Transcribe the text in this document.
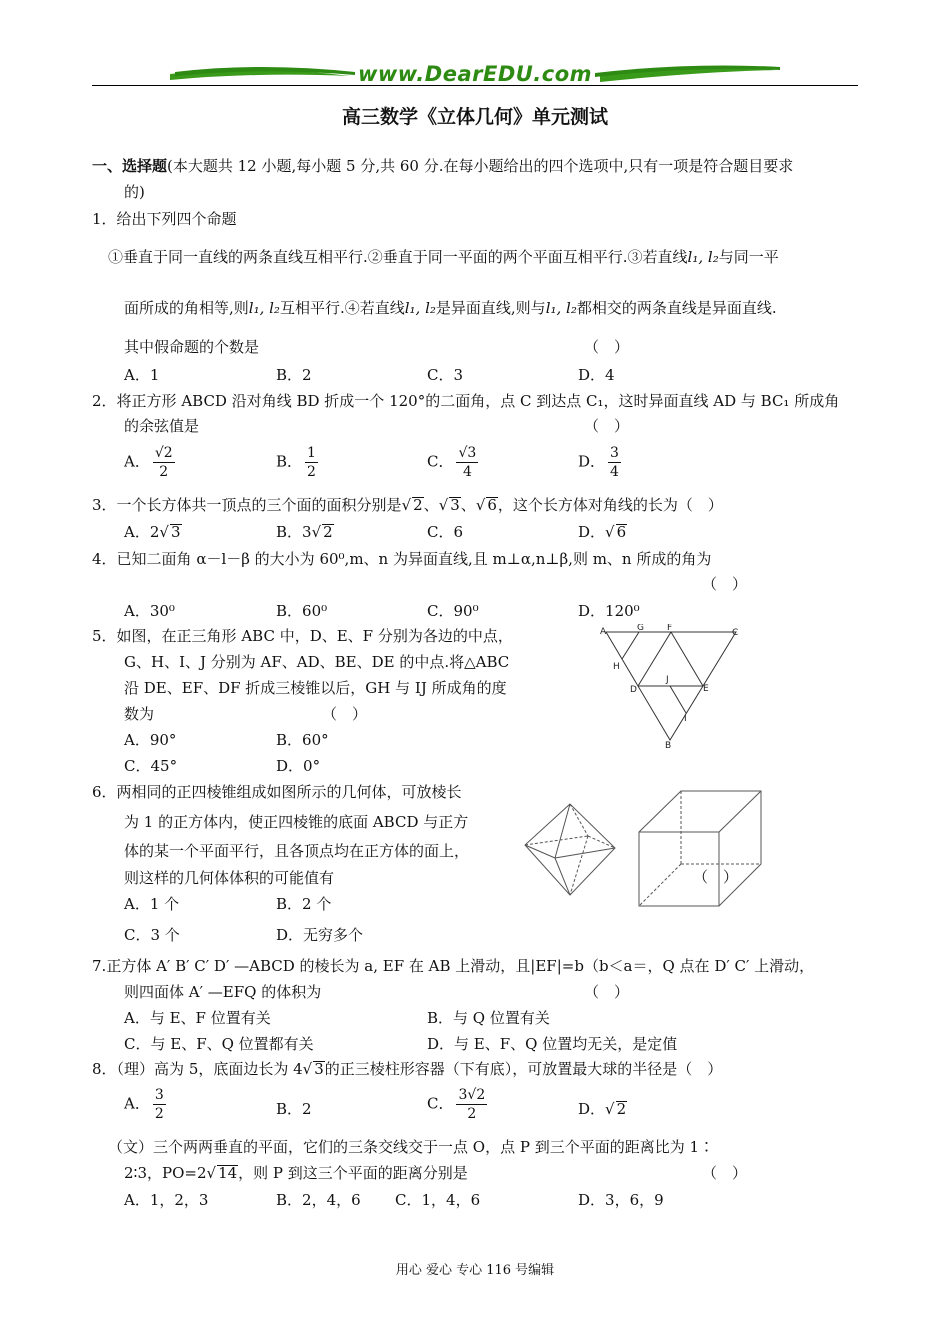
www.DearEDU.com
高三数学《立体几何》单元测试
一、选择题(本大题共 12 小题,每小题 5 分,共 60 分.在每小题给出的四个选项中,只有一项是符合题目要求
的)
1．给出下列四个命题
①垂直于同一直线的两条直线互相平行.②垂直于同一平面的两个平面互相平行.③若直线l₁, l₂与同一平
面所成的角相等,则l₁, l₂互相平行.④若直线l₁, l₂是异面直线,则与l₁, l₂都相交的两条直线是异面直线.
其中假命题的个数是	（　）
A．1	B．2	C．3	D．4
2．将正方形 ABCD 沿对角线 BD 折成一个 120°的二面角，点 C 到达点 C₁，这时异面直线 AD 与 BC₁ 所成角
的余弦值是	（　）
A． $\frac{√2}{2}$	B． $\frac{1}{2}$	C． $\frac{√3}{4}$	D． $\frac{3}{4}$
3．一个长方体共一顶点的三个面的面积分别是 √ 2、 √ 3、 √ 6，这个长方体对角线的长为（　）
A．2 √ 3	B．3 √ 2	C．6	D． √ 6
4．已知二面角 α－l－β 的大小为 60⁰,m、n 为异面直线,且 m⊥α,n⊥β,则 m、n 所成的角为
（　）
A．30⁰	B．60⁰	C．90⁰	D．120⁰
5．如图，在正三角形 ABC 中，D、E、F 分别为各边的中点，
G、H、I、J 分别为 AF、AD、BE、DE 的中点.将△ABC
沿 DE、EF、DF 折成三棱锥以后，GH 与 IJ 所成角的度
数为	（　）
A．90°	B．60°
C．45°	D．0°
A	G	F	C
H
J
D	E
I
B
6．两相同的正四棱锥组成如图所示的几何体，可放棱长
为 1 的正方体内，使正四棱锥的底面 ABCD 与正方
体的某一个平面平行，且各顶点均在正方体的面上，
则这样的几何体体积的可能值有
A．1 个	B．2 个
C．3 个	D．无穷多个
（　）
7.正方体 A′ B′ C′ D′ —ABCD 的棱长为 a, EF 在 AB 上滑动，且|EF|=b（b＜a＝，Q 点在 D′ C′ 上滑动，
则四面体 A′ —EFQ 的体积为	（　）
A．与 E、F 位置有关	B．与 Q 位置有关
C．与 E、F、Q 位置都有关	D．与 E、F、Q 位置均无关，是定值
8．（理）高为 5，底面边长为 4 √ 3的正三棱柱形容器（下有底），可放置最大球的半径是（　）
A． $\frac{3}{2}$	B．2	C． $\frac{3√2}{2}$	D． √ 2
（文）三个两两垂直的平面，它们的三条交线交于一点 O，点 P 到三个平面的距离比为 1∶
2∶3，PO=2 √ 14，则 P 到这三个平面的距离分别是	（　）
A．1，2，3	B．2，4，6 C．1，4，6	D．3，6，9
用心 爱心 专心 116 号编辑
